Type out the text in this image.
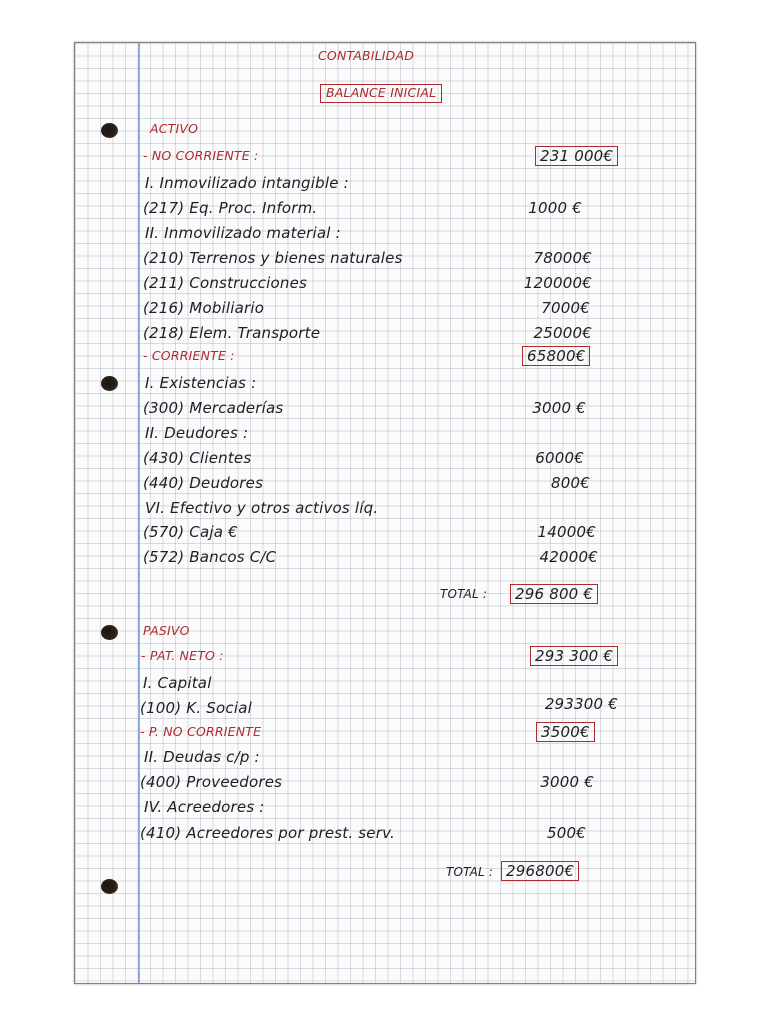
CONTABILIDAD
BALANCE INICIAL
ACTIVO
- NO CORRIENTE :	231 000€
I. Inmovilizado intangible :
(217) Eq. Proc. Inform.	1000 €
II. Inmovilizado material :
(210) Terrenos y bienes naturales	78000€
(211) Construcciones	120000€
(216) Mobiliario	7000€
(218) Elem. Transporte	25000€
- CORRIENTE :	65800€
I. Existencias :
(300) Mercaderías	3000 €
II. Deudores :
(430) Clientes	6000€
(440) Deudores	800€
VI. Efectivo y otros activos líq.
(570) Caja €	14000€
(572) Bancos C/C	42000€
TOTAL :	296 800 €
PASIVO
- PAT. NETO :	293 300 €
I. Capital
(100) K. Social	293300 €
- P. NO CORRIENTE	3500€
II. Deudas c/p :
(400) Proveedores	3000 €
IV. Acreedores :
(410) Acreedores por prest. serv.	500€
TOTAL : 296800€
